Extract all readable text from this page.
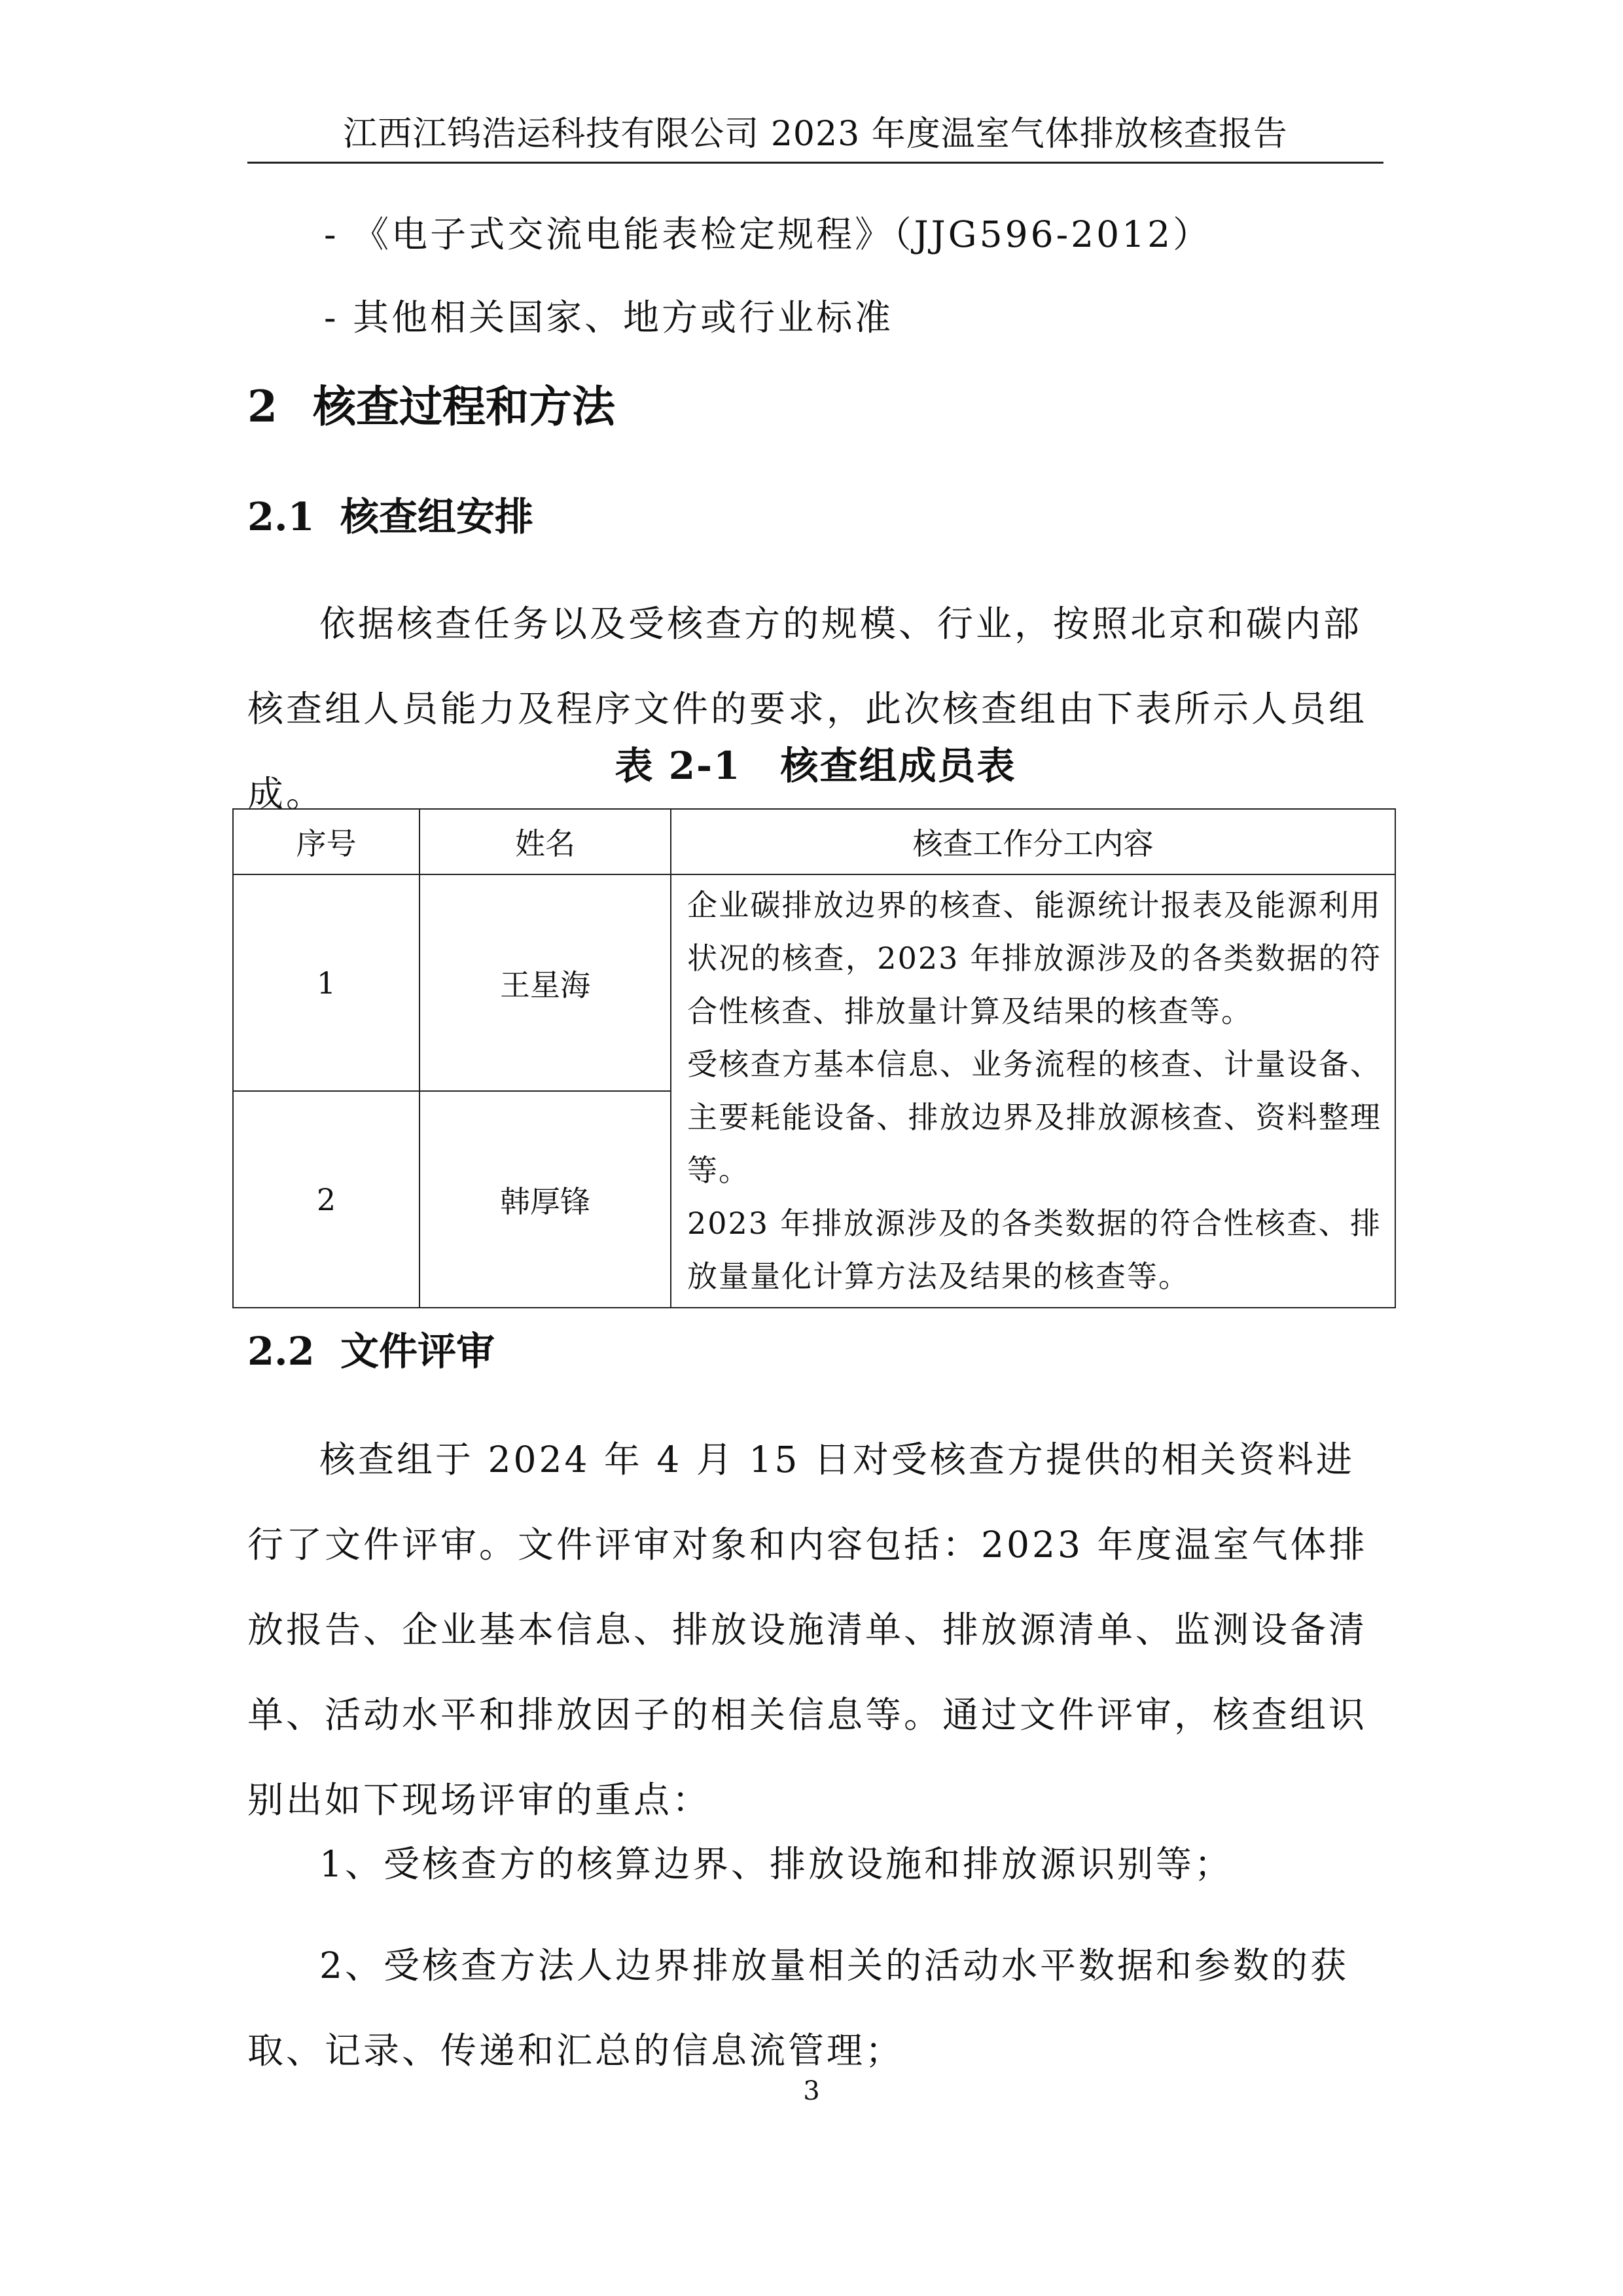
江西江钨浩运科技有限公司 2023 年度温室气体排放核查报告
- 《电子式交流电能表检定规程》（JJG596-2012）
- 其他相关国家、地方或行业标准
2 核查过程和方法
2.1 核查组安排
依据核查任务以及受核查方的规模、行业，按照北京和碳内部核查组人员能力及程序文件的要求，此次核查组由下表所示人员组成。
表 2-1　核查组成员表
序号	姓名	核查工作分工内容
1	王星海	企业碳排放边界的核查、能源统计报表及能源利用状况的核查，2023 年排放源涉及的各类数据的符合性核查、排放量计算及结果的核查等。

受核查方基本信息、业务流程的核查、计量设备、主要耗能设备、排放边界及排放源核查、资料整理等。

2023 年排放源涉及的各类数据的符合性核查、排放量量化计算方法及结果的核查等。

2	韩厚锋	
2.2 文件评审
核查组于 2024 年 4 月 15 日对受核查方提供的相关资料进行了文件评审。文件评审对象和内容包括：2023 年度温室气体排放报告、企业基本信息、排放设施清单、排放源清单、监测设备清单、活动水平和排放因子的相关信息等。通过文件评审，核查组识别出如下现场评审的重点：
1、受核查方的核算边界、排放设施和排放源识别等；
2、受核查方法人边界排放量相关的活动水平数据和参数的获取、记录、传递和汇总的信息流管理；
3
